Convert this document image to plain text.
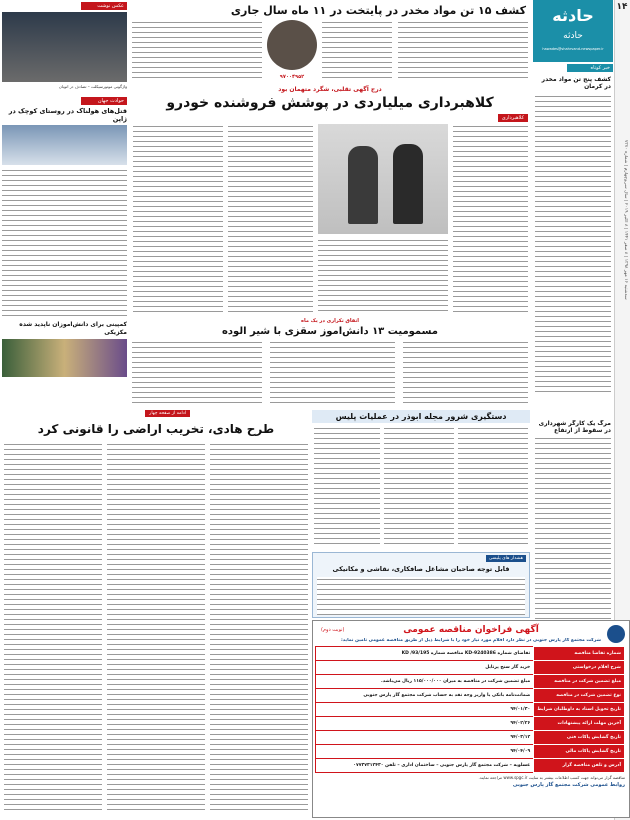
۱۴
سه‌شنبه ۱۶ مهر ۱۳۹۸ | ۸ صفر ۱۴۴۱ | ۸ اکتبر ۲۰۱۹ | سال سی‌وچهارم | شماره ۷۳۷۰
حادثه
حادثه
hawades@shahrvand-newspaper.ir
خبر کوتاه
کشف پنج تن مواد مخدر در کرمان
مرگ یک کارگر شهرداری در سقوط از ارتفاع
کشف ۱۵ تن مواد مخدر در پایتخت در ۱۱ ماه سال جاری
۹۷۰۰۴۹۵۲
عکس نوشت
واژگونی موتورسیکلت – تصادف در اتوبان
حوادث جهان
قتل‌های هولناک در روستای کوچک در ژاپن
کمپینی برای دانش‌آموزان ناپدید شده مکزیکی
درج آگهی تقلبی، شگرد متهمان بود
کلاهبرداری میلیاردی در پوشش فروشنده خودرو
کلاهبرداری
اتفاق تکراری در یک ماه
مسمومیت ۱۳ دانش‌آموز سقزی با شیر آلوده
ادامه از صفحه چهار
طرح هادی، تخریب اراضی را قانونی کرد
دستگیری شرور مجله ابوذر در عملیات پلیس
هشدار های پلیسی
قابل توجه صاحبان مشاغل صافکاری، نقاشی و مکانیکی
آگهی فراخوان مناقصه عمومی
(نوبت دوم)
شرکت مجتمع گاز پارس جنوبی در نظر دارد اقلام مورد نیاز خود را با شرایط ذیل از طریق مناقصه عمومی تأمین نماید:
شماره تقاضا مناقصه	تقاضای شماره 9240386-KD مناقصه شماره 93/195/ KD
شرح اقلام درخواستی	خرید گاز سنج پرتابل
مبلغ تضمین شرکت در مناقصه	مبلغ تضمین شرکت در مناقصه به میزان ۱۱۵/۰۰۰/۰۰۰ ریال می‌باشد.
نوع تضمین شرکت در مناقصه	ضمانت‌نامه بانکی یا واریز وجه نقد به حساب شرکت مجتمع گاز پارس جنوبی
تاریخ تحویل اسناد به داوطلبان شرایط	۹۴/۰۱/۳۰
آخرین مهلت ارائه پیشنهادات	۹۴/۰۲/۲۶
تاریخ گشایش پاکات فنی	۹۴/۰۳/۱۲
تاریخ گشایش پاکات مالی	۹۴/۰۴/۰۹
آدرس و تلفن مناقصه گزار	عسلویه – شرکت مجتمع گاز پارس جنوبی – ساختمان اداری – تلفن ۰۷۷۳۷۳۱۲۴۳۰
مناقصه گزار می‌تواند جهت کسب اطلاعات بیشتر به سایت www.spgc.ir مراجعه نمایند.
روابط عمومی شرکت مجتمع گاز پارس جنوبی
